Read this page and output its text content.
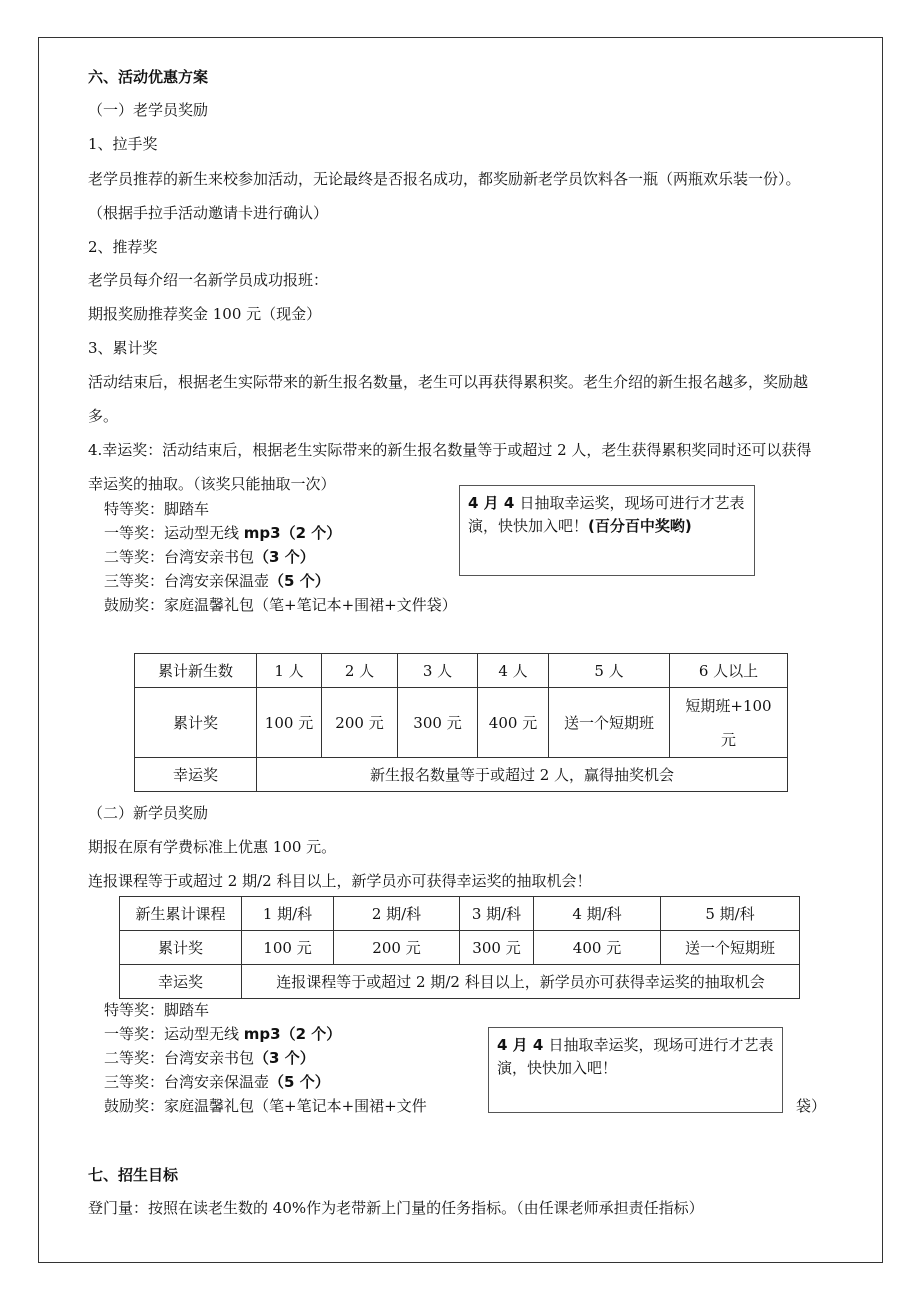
六、活动优惠方案
（一）老学员奖励
1、拉手奖
老学员推荐的新生来校参加活动，无论最终是否报名成功，都奖励新老学员饮料各一瓶（两瓶欢乐装一份）。
（根据手拉手活动邀请卡进行确认）
2、推荐奖
老学员每介绍一名新学员成功报班：
期报奖励推荐奖金 100 元（现金）
3、累计奖
活动结束后，根据老生实际带来的新生报名数量，老生可以再获得累积奖。老生介绍的新生报名越多，奖励越
多。
4.幸运奖：活动结束后，根据老生实际带来的新生报名数量等于或超过 2 人，老生获得累积奖同时还可以获得
幸运奖的抽取。（该奖只能抽取一次）
特等奖：脚踏车
一等奖：运动型无线 mp3（2 个）
二等奖：台湾安亲书包（3 个）
三等奖：台湾安亲保温壶（5 个）
鼓励奖：家庭温馨礼包（笔+笔记本+围裙+文件袋）
4 月 4 日抽取幸运奖，现场可进行才艺表演，快快加入吧！(百分百中奖哟)
累计新生数	1 人	2 人	3 人	4 人	5 人	6 人以上
累计奖	100 元	200 元	300 元	400 元	送一个短期班	短期班+100
元

幸运奖	新生报名数量等于或超过 2 人，赢得抽奖机会					
（二）新学员奖励
期报在原有学费标准上优惠 100 元。
连报课程等于或超过 2 期/2 科目以上，新学员亦可获得幸运奖的抽取机会！
新生累计课程	1 期/科	2 期/科	3 期/科	4 期/科	5 期/科
累计奖	100 元	200 元	300 元	400 元	送一个短期班
幸运奖	连报课程等于或超过 2 期/2 科目以上，新学员亦可获得幸运奖的抽取机会				
特等奖：脚踏车
一等奖：运动型无线 mp3（2 个）
二等奖：台湾安亲书包（3 个）
三等奖：台湾安亲保温壶（5 个）
鼓励奖：家庭温馨礼包（笔+笔记本+围裙+文件	袋）
4 月 4 日抽取幸运奖，现场可进行才艺表演，快快加入吧！
七、招生目标
登门量：按照在读老生数的 40%作为老带新上门量的任务指标。（由任课老师承担责任指标）
